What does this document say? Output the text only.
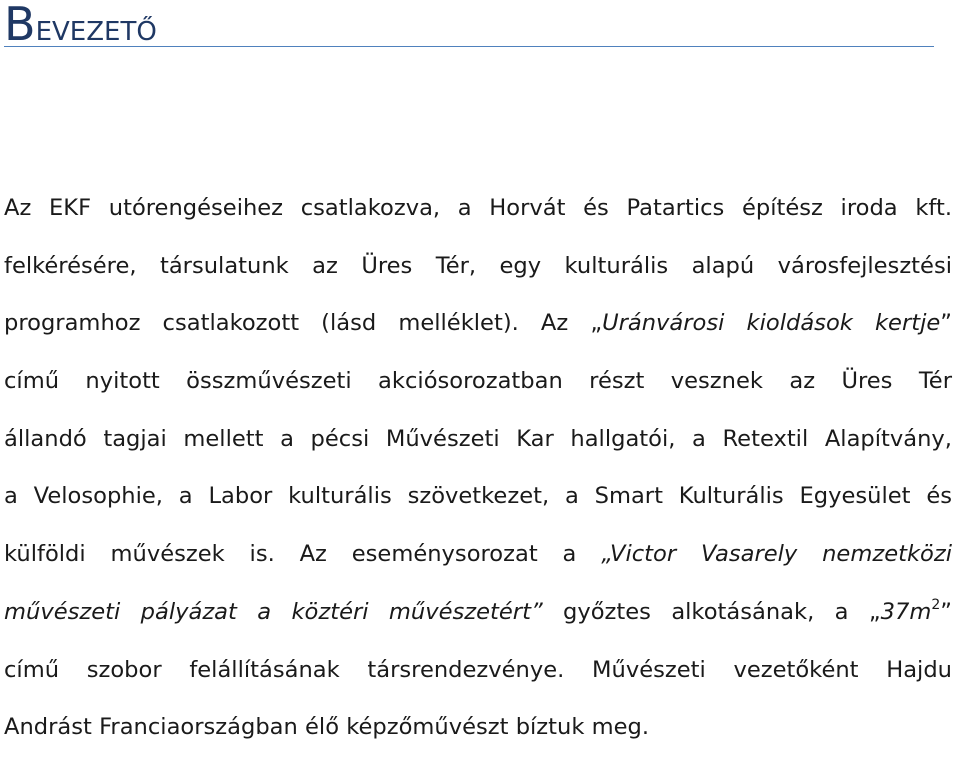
BEVEZETŐ
Az EKF utórengéseihez csatlakozva, a Horvát és Patartics építész iroda kft.
felkérésére, társulatunk az Üres Tér, egy kulturális alapú városfejlesztési
programhoz csatlakozott (lásd melléklet). Az „Uránvárosi kioldások kertje”
című nyitott összművészeti akciósorozatban részt vesznek az Üres Tér
állandó tagjai mellett a pécsi Művészeti Kar hallgatói, a Retextil Alapítvány,
a Velosophie, a Labor kulturális szövetkezet, a Smart Kulturális Egyesület és
külföldi művészek is. Az eseménysorozat a „Victor Vasarely nemzetközi
művészeti pályázat a köztéri művészetért” győztes alkotásának, a $„37m^2$”
című szobor felállításának társrendezvénye. Művészeti vezetőként Hajdu
Andrást Franciaországban élő képzőművészt bíztuk meg.
